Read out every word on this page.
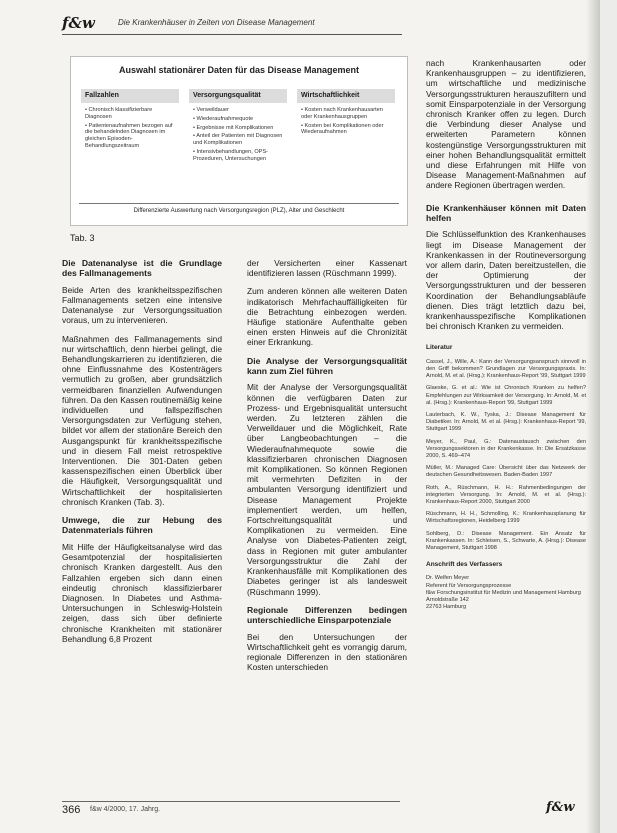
f&w	Die Krankenhäuser in Zeiten von Disease Management
Auswahl stationärer Daten für das Disease Management
Fallzahlen
• Chronisch klassifizierbare Diagnosen
• Patientenaufnahmen bezogen auf die behandelnden Diagnosen im gleichen Episoden-Behandlungszeitraum
Versorgungsqualität
• Verweildauer
• Wiederaufnahmequote
• Ergebnisse mit Komplikationen
• Anteil der Patienten mit Diagnosen und Komplikationen
• Intensivbehandlungen, OPS-Prozeduren, Untersuchungen
Wirtschaftlichkeit
• Kosten nach Krankenhausarten oder Krankenhausgruppen
• Kosten bei Komplikationen oder Wiederaufnahmen
Differenzierte Auswertung nach Versorgungsregion (PLZ), Alter und Geschlecht
Tab. 3
Die Datenanalyse ist die Grundlage des Fallmanagements

Beide Arten des krankheitsspezifischen Fallmanagements setzen eine intensive Datenanalyse zur Versorgungssituation voraus, um zu intervenieren.

Maßnahmen des Fallmanagements sind nur wirtschaftlich, denn hierbei gelingt, die Behandlungskarrieren zu identifizieren, die ohne Einflussnahme des Kostenträgers vermutlich zu großen, aber grundsätzlich vermeidbaren finanziellen Aufwendungen führen. Da den Kassen routinemäßig keine individuellen und fallspezifischen Versorgungsdaten zur Verfügung stehen, bildet vor allem der stationäre Bereich den Ausgangspunkt für krankheitsspezifische und in diesem Fall meist retrospektive Interventionen. Die 301-Daten geben kassenspezifischen einen Überblick über die Häufigkeit, Versorgungsqualität und Wirtschaftlichkeit der hospitalisierten chronisch Kranken (Tab. 3).

Umwege, die zur Hebung des Datenmaterials führen

Mit Hilfe der Häufigkeitsanalyse wird das Gesamtpotenzial der hospitalisierten chronisch Kranken dargestellt. Aus den Fallzahlen ergeben sich dann einen eindeutig chronisch klassifizierbarer Diagnosen. In Diabetes und Asthma-Untersuchungen in Schleswig-Holstein zeigen, dass sich über definierte chronische Krankheiten mit stationärer Behandlung 6,8 Prozent

der Versicherten einer Kassenart identifizieren lassen (Rüschmann 1999).

Zum anderen können alle weiteren Daten indikatorisch Mehrfachauffälligkeiten für die Betrachtung einbezogen werden. Häufige stationäre Aufenthalte geben einen ersten Hinweis auf die Chronizität einer Erkrankung.

Die Analyse der Versorgungsqualität kann zum Ziel führen

Mit der Analyse der Versorgungsqualität können die verfügbaren Daten zur Prozess- und Ergebnisqualität untersucht werden. Zu letzteren zählen die Verweildauer und die Möglichkeit, Rate über Langbeobachtungen – die Wiederaufnahmequote sowie die klassifizierbaren chronischen Diagnosen mit Komplikationen. So können Regionen mit vermehrten Defiziten in der ambulanten Versorgung identifiziert und Disease Management Projekte implementiert werden, um helfen, Fortschreitungsqualität und Komplikationen zu vermeiden. Eine Analyse von Diabetes-Patienten zeigt, dass in Regionen mit guter ambulanter Versorgungsstruktur die Zahl der Krankenhausfälle mit Komplikationen des Diabetes geringer ist als landesweit (Rüschmann 1999).

Regionale Differenzen bedingen unterschiedliche Einsparpotenziale

Bei den Untersuchungen der Wirtschaftlichkeit geht es vorrangig darum, regionale Differenzen in den stationären Kosten unterschieden

nach Krankenhausarten oder Krankenhausgruppen – zu identifizieren, um wirtschaftliche und medizinische Versorgungsstrukturen herauszufiltern und somit Einsparpotenziale in der Versorgung chronisch Kranker offen zu legen. Durch die Verbindung dieser Analyse und erweiterten Parametern können kostengünstige Versorgungsstrukturen mit einer hohen Behandlungsqualität ermittelt und diese Erfahrungen mit Hilfe von Disease Management-Maßnahmen auf andere Regionen übertragen werden.

Die Krankenhäuser können mit Daten helfen

Die Schlüsselfunktion des Krankenhauses liegt im Disease Management der Krankenkassen in der Routineversorgung vor allem darin, Daten bereitzustellen, die der Optimierung der Versorgungsstrukturen und der besseren Koordination der Behandlungsabläufe dienen. Dies trägt letztlich dazu bei, krankenhausspezifische Komplikationen bei chronisch Kranken zu vermeiden.

Literatur
Cassel, J., Wille, A.: Kann der Versorgungsanspruch sinnvoll in den Griff bekommen? Grundlagen zur Versorgungspraxis. In: Arnold, M. et al. (Hrsg.): Krankenhaus-Report '99, Stuttgart 1999
Glaeske, G. et al.: Wie ist Chronisch Kranken zu helfen? Empfehlungen zur Wirksamkeit der Versorgung. In: Arnold, M. et al. (Hrsg.): Krankenhaus-Report '99, Stuttgart 1999
Lauterbach, K. W., Tyska, J.: Disease Management für Diabetiker. In: Arnold, M. et al. (Hrsg.): Krankenhaus-Report '99, Stuttgart 1999
Meyer, K., Paul, G.: Datenaustausch zwischen den Versorgungssektoren in der Krankenkasse. In: Die Ersatzkasse 2000, S. 469–474
Müller, M.: Managed Care: Übersicht über das Netzwerk der deutschen Gesundheitswesen. Baden-Baden 1997
Roth, A., Rüschmann, H. H.: Rahmenbedingungen der integrierten Versorgung. In: Arnold, M. et al. (Hrsg.): Krankenhaus-Report 2000, Stuttgart 2000
Rüschmann, H. H., Schmolling, K.: Krankenhausplanung für Wirtschaftsregionen, Heidelberg 1999
Sohlberg, D.: Disease Management. Ein Ansatz für Krankenkassen. In: Schleisen, S., Schwarte, A. (Hrsg.): Disease Management, Stuttgart 1998
Anschrift des Verfassers
Dr. Welfen Meyer
Referent für Versorgungsprozesse
f&w Forschungsinstitut für Medizin und Management Hamburg
Arnoldstraße 142
22763 Hamburg
366 f&w 4/2000, 17. Jahrg.	f&w
